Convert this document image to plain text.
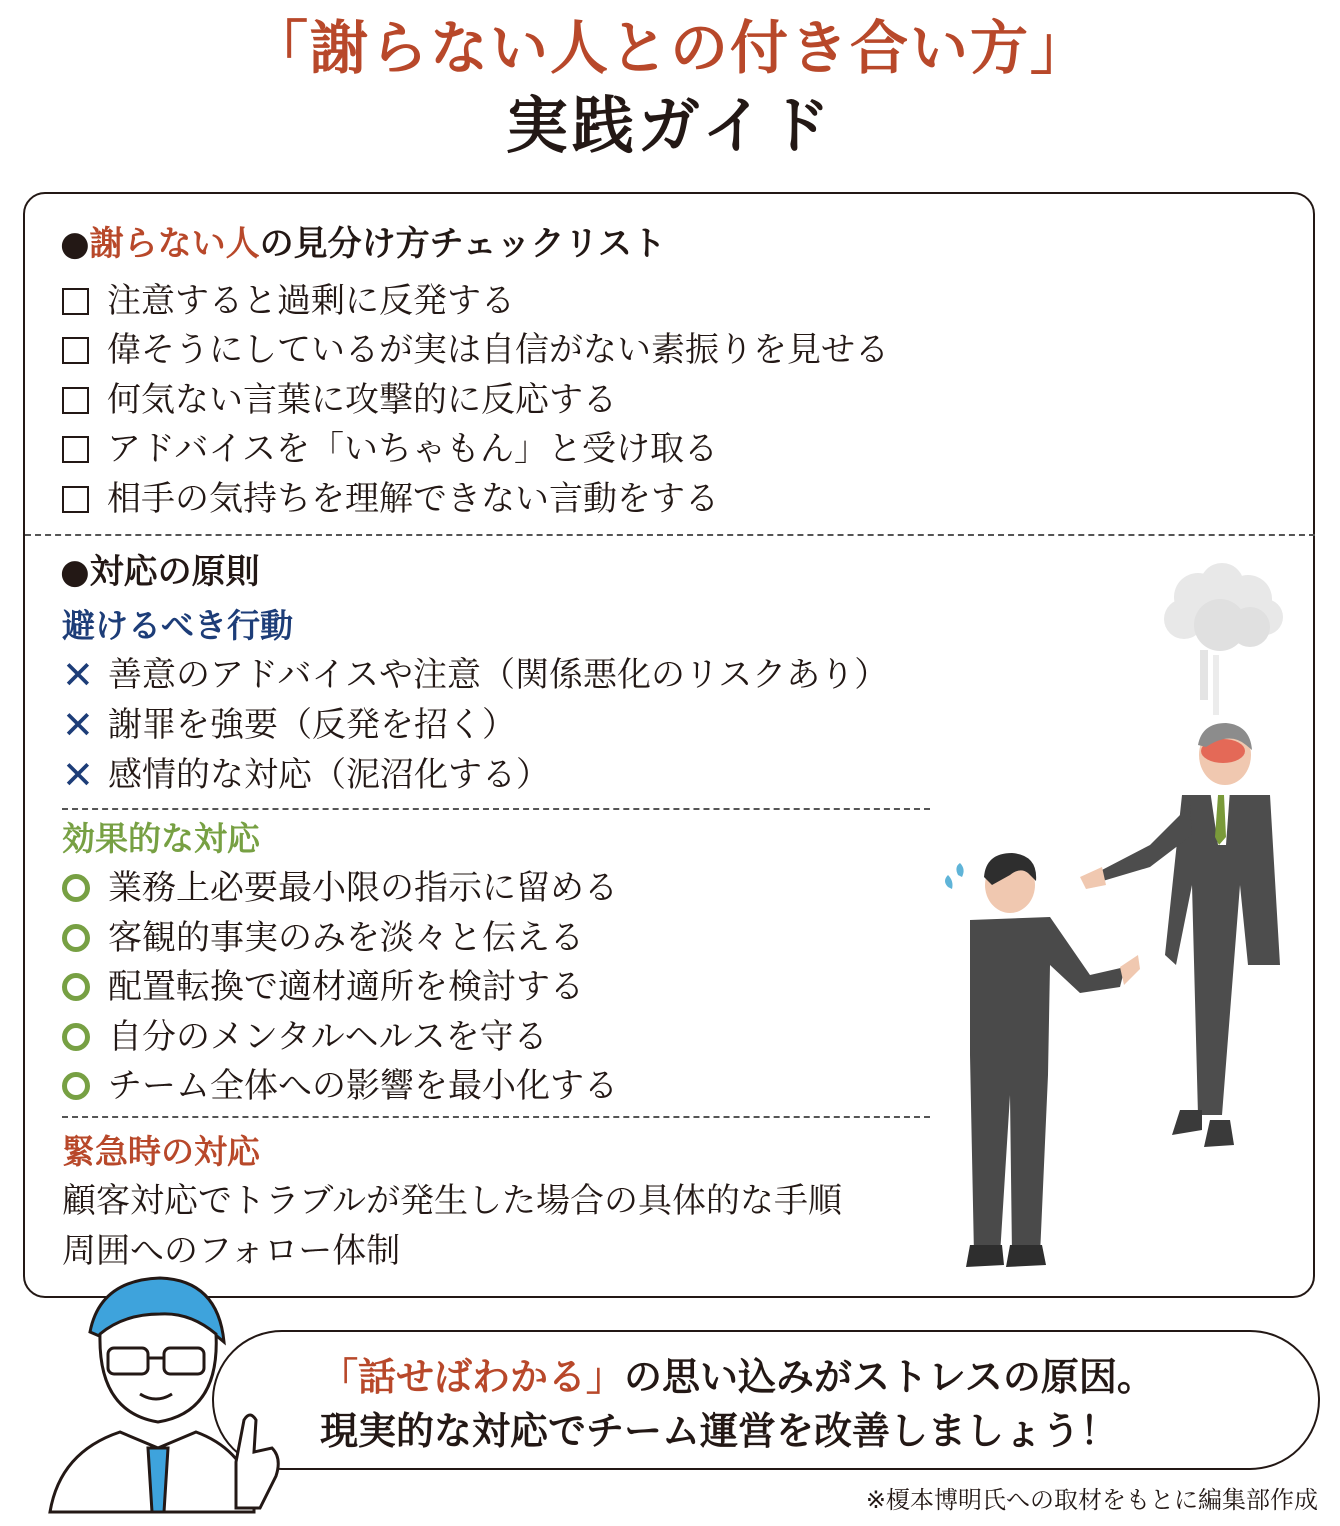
「謝らない人との付き合い方」
実践ガイド
●謝らない人の見分け方チェックリスト
注意すると過剰に反発する
偉そうにしているが実は自信がない素振りを見せる
何気ない言葉に攻撃的に反応する
アドバイスを「いちゃもん」と受け取る
相手の気持ちを理解できない言動をする
●対応の原則
避けるべき行動
✕ 善意のアドバイスや注意（関係悪化のリスクあり）
✕ 謝罪を強要（反発を招く）
✕ 感情的な対応（泥沼化する）
効果的な対応
業務上必要最小限の指示に留める
客観的事実のみを淡々と伝える
配置転換で適材適所を検討する
自分のメンタルヘルスを守る
チーム全体への影響を最小化する
緊急時の対応
顧客対応でトラブルが発生した場合の具体的な手順
周囲へのフォロー体制
「話せばわかる」の思い込みがストレスの原因。
現実的な対応でチーム運営を改善しましょう！
※榎本博明氏への取材をもとに編集部作成
